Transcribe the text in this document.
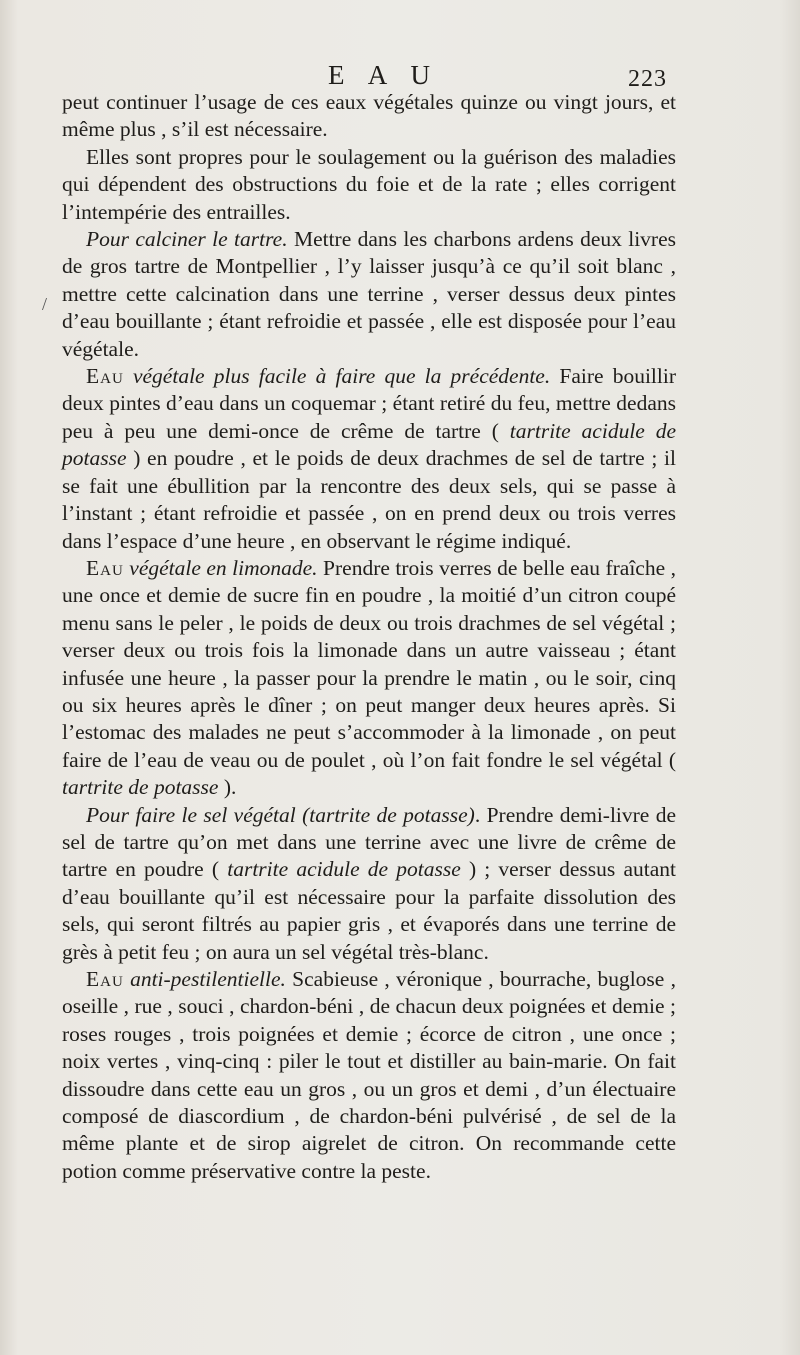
E A U	223
/

peut continuer l’usage de ces eaux végétales quinze ou vingt jours, et même plus , s’il est nécessaire.

Elles sont propres pour le soulagement ou la guérison des maladies qui dépendent des obstructions du foie et de la rate ; elles corrigent l’intempérie des entrailles.

Pour calciner le tartre. Mettre dans les charbons ardens deux livres de gros tartre de Montpellier , l’y laisser jusqu’à ce qu’il soit blanc , mettre cette calcination dans une terrine , verser dessus deux pintes d’eau bouillante ; étant refroidie et passée , elle est disposée pour l’eau végétale.

Eau végétale plus facile à faire que la précédente. Faire bouillir deux pintes d’eau dans un coquemar ; étant retiré du feu, mettre dedans peu à peu une demi-once de crême de tartre ( tartrite acidule de potasse ) en poudre , et le poids de deux drachmes de sel de tartre ; il se fait une ébullition par la rencontre des deux sels, qui se passe à l’instant ; étant refroidie et passée , on en prend deux ou trois verres dans l’espace d’une heure , en observant le régime indiqué.

Eau végétale en limonade. Prendre trois verres de belle eau fraîche , une once et demie de sucre fin en poudre , la moitié d’un citron coupé menu sans le peler , le poids de deux ou trois drachmes de sel végétal ; verser deux ou trois fois la limonade dans un autre vaisseau ; étant infusée une heure , la passer pour la prendre le matin , ou le soir, cinq ou six heures après le dîner ; on peut manger deux heures après. Si l’estomac des malades ne peut s’accommoder à la limonade , on peut faire de l’eau de veau ou de poulet , où l’on fait fondre le sel végétal ( tartrite de potasse ).

Pour faire le sel végétal (tartrite de potasse). Prendre demi-livre de sel de tartre qu’on met dans une terrine avec une livre de crême de tartre en poudre ( tartrite acidule de potasse ) ; verser dessus autant d’eau bouillante qu’il est nécessaire pour la parfaite dissolution des sels, qui seront filtrés au papier gris , et évaporés dans une terrine de grès à petit feu ; on aura un sel végétal très-blanc.

Eau anti-pestilentielle. Scabieuse , véronique , bourrache, buglose , oseille , rue , souci , chardon-béni , de chacun deux poignées et demie ; roses rouges , trois poignées et demie ; écorce de citron , une once ; noix vertes , vinq-cinq : piler le tout et distiller au bain-marie. On fait dissoudre dans cette eau un gros , ou un gros et demi , d’un électuaire composé de diascordium , de chardon-béni pulvérisé , de sel de la même plante et de sirop aigrelet de citron. On recommande cette potion comme préservative contre la peste.
